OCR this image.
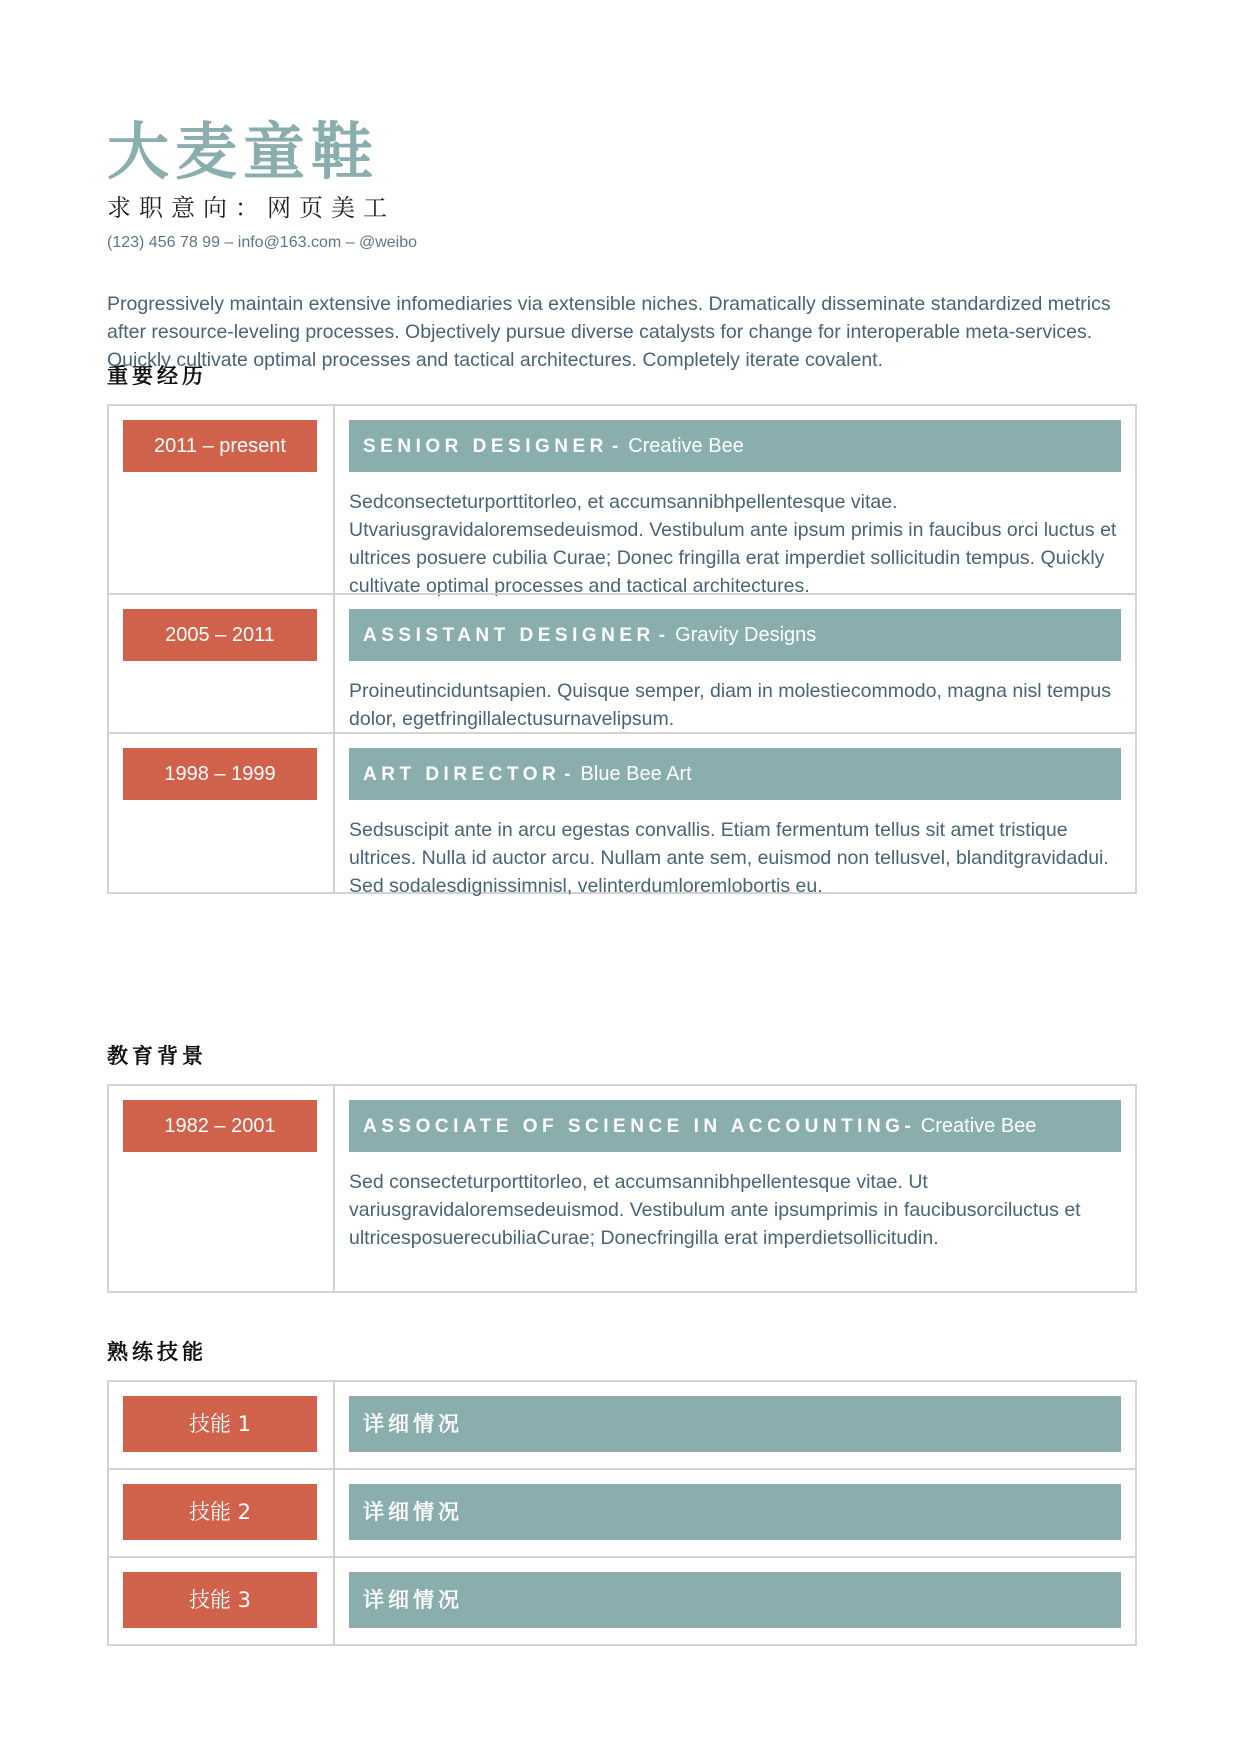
大麦童鞋
求职意向：网页美工
(123) 456 78 99 – info@163.com – @weibo
Progressively maintain extensive infomediaries via extensible niches. Dramatically disseminate standardized metrics after resource-leveling processes. Objectively pursue diverse catalysts for change for interoperable meta-services. Quickly cultivate optimal processes and tactical architectures. Completely iterate covalent.
重要经历
2011 – present	SENIOR DESIGNER - Creative Bee
Sedconsecteturporttitorleo, et accumsannibhpellentesque vitae. Utvariusgravidaloremsedeuismod. Vestibulum ante ipsum primis in faucibus orci luctus et ultrices posuere cubilia Curae; Donec fringilla erat imperdiet sollicitudin tempus. Quickly cultivate optimal processes and tactical architectures.
2005 – 2011	ASSISTANT DESIGNER - Gravity Designs
Proineutinciduntsapien. Quisque semper, diam in molestiecommodo, magna nisl tempus dolor, egetfringillalectusurnavelipsum.
1998 – 1999	ART DIRECTOR - Blue Bee Art
Sedsuscipit ante in arcu egestas convallis. Etiam fermentum tellus sit amet tristique ultrices. Nulla id auctor arcu. Nullam ante sem, euismod non tellusvel, blanditgravidadui. Sed sodalesdignissimnisl, velinterdumloremlobortis eu.
教育背景
1982 – 2001	ASSOCIATE OF SCIENCE IN ACCOUNTING- Creative Bee
Sed consecteturporttitorleo, et accumsannibhpellentesque vitae. Ut variusgravidaloremsedeuismod. Vestibulum ante ipsumprimis in faucibusorciluctus et ultricesposuerecubiliaCurae; Donecfringilla erat imperdietsollicitudin.
熟练技能
技能 1	详细情况
技能 2	详细情况
技能 3	详细情况
